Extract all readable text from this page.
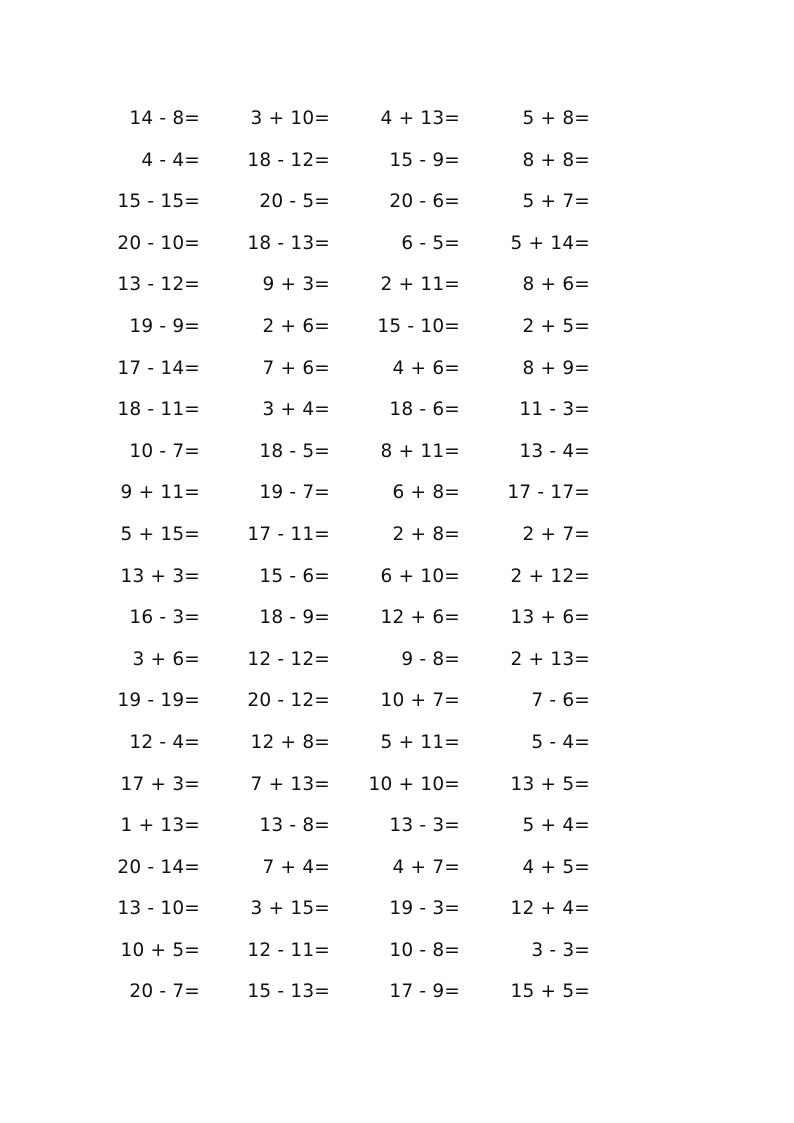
14 - 8=	3 + 10=	4 + 13=	5 + 8=
4 - 4=	18 - 12=	15 - 9=	8 + 8=
15 - 15=	20 - 5=	20 - 6=	5 + 7=
20 - 10=	18 - 13=	6 - 5=	5 + 14=
13 - 12=	9 + 3=	2 + 11=	8 + 6=
19 - 9=	2 + 6=	15 - 10=	2 + 5=
17 - 14=	7 + 6=	4 + 6=	8 + 9=
18 - 11=	3 + 4=	18 - 6=	11 - 3=
10 - 7=	18 - 5=	8 + 11=	13 - 4=
9 + 11=	19 - 7=	6 + 8=	17 - 17=
5 + 15=	17 - 11=	2 + 8=	2 + 7=
13 + 3=	15 - 6=	6 + 10=	2 + 12=
16 - 3=	18 - 9=	12 + 6=	13 + 6=
3 + 6=	12 - 12=	9 - 8=	2 + 13=
19 - 19=	20 - 12=	10 + 7=	7 - 6=
12 - 4=	12 + 8=	5 + 11=	5 - 4=
17 + 3=	7 + 13=	10 + 10=	13 + 5=
1 + 13=	13 - 8=	13 - 3=	5 + 4=
20 - 14=	7 + 4=	4 + 7=	4 + 5=
13 - 10=	3 + 15=	19 - 3=	12 + 4=
10 + 5=	12 - 11=	10 - 8=	3 - 3=
20 - 7=	15 - 13=	17 - 9=	15 + 5=
